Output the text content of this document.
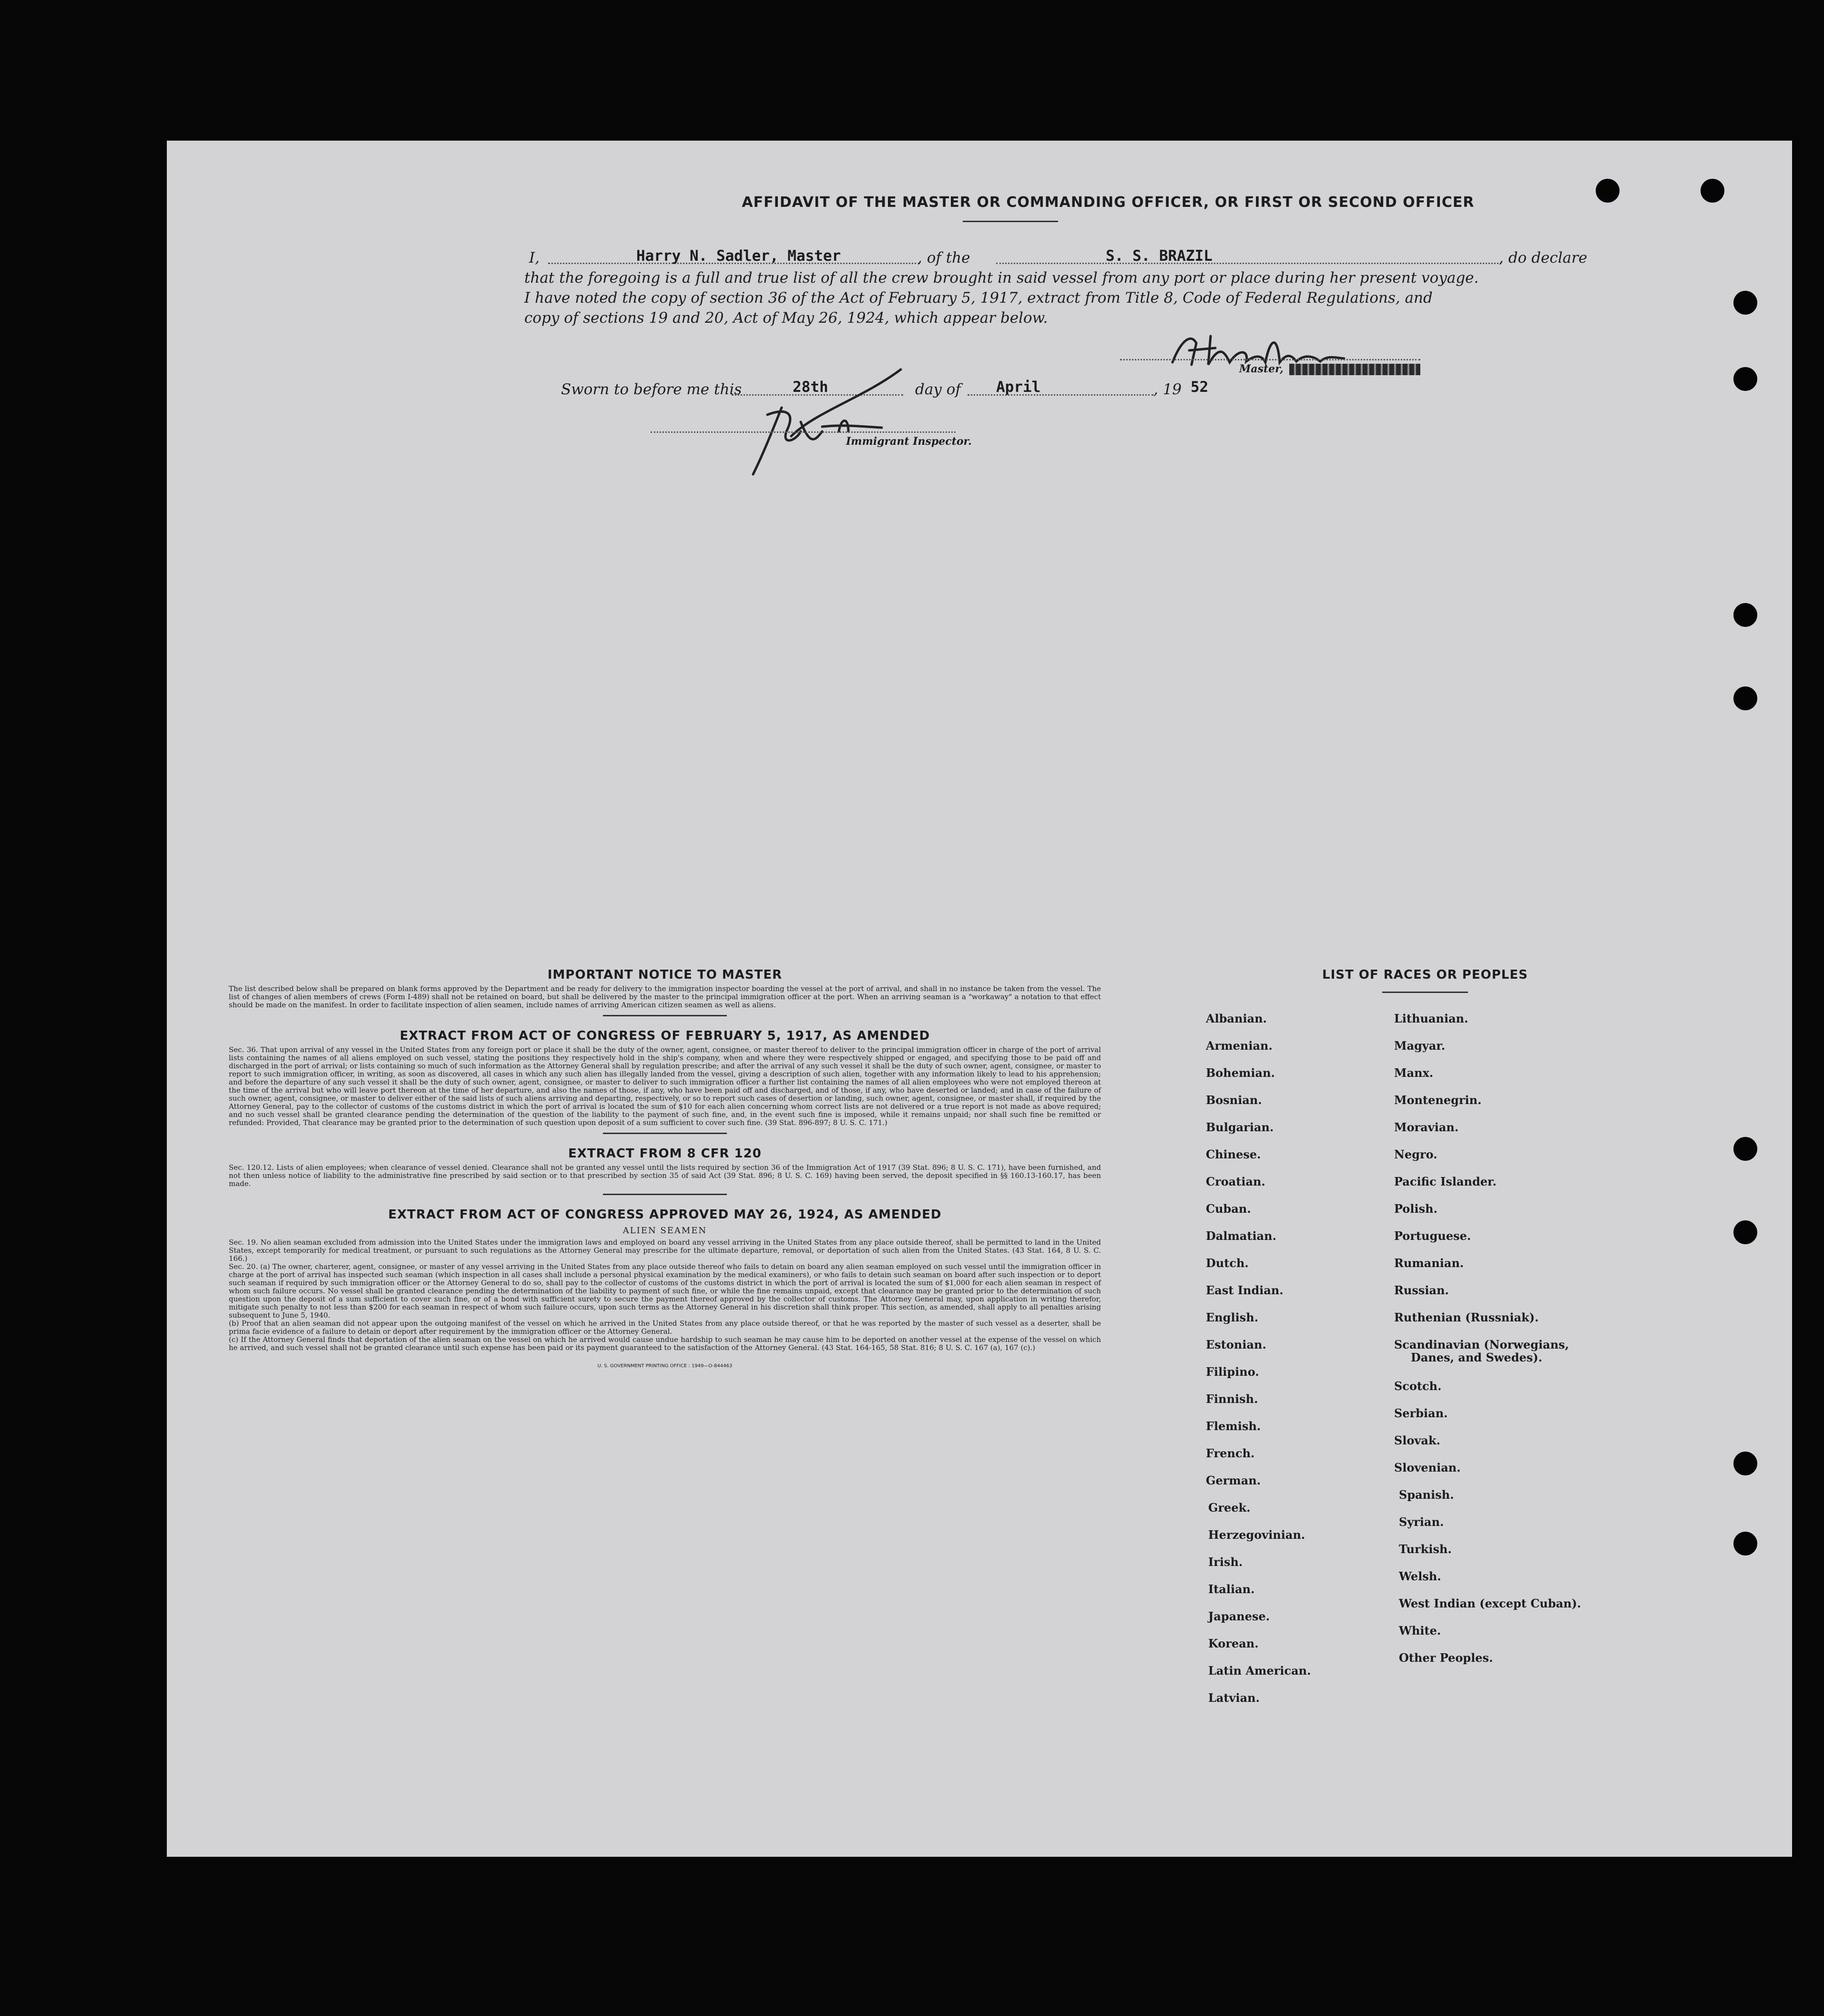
AFFIDAVIT OF THE MASTER OR COMMANDING OFFICER, OR FIRST OR SECOND OFFICER
I,	Harry N. Sadler, Master	, of the	S. S. BRAZIL	, do declare
that the foregoing is a full and true list of all the crew brought in said vessel from any port or place during her present voyage.
I have noted the copy of section 36 of the Act of February 5, 1917, extract from Title 8, Code of Federal Regulations, and
copy of sections 19 and 20, Act of May 26, 1924, which appear below.
Master,
Sworn to before me this	28th	day of April	, 19 52
Immigrant Inspector.

IMPORTANT NOTICE TO MASTER

The list described below shall be prepared on blank forms approved by the Department and be ready for delivery to the immigration inspector boarding the vessel at the port of arrival, and shall in no instance be taken from the vessel. The list of changes of alien members of crews (Form I-489) shall not be retained on board, but shall be delivered by the master to the principal immigration officer at the port. When an arriving seaman is a "workaway" a notation to that effect should be made on the manifest. In order to facilitate inspection of alien seamen, include names of arriving American citizen seamen as well as aliens.

EXTRACT FROM ACT OF CONGRESS OF FEBRUARY 5, 1917, AS AMENDED

Sec. 36. That upon arrival of any vessel in the United States from any foreign port or place it shall be the duty of the owner, agent, consignee, or master thereof to deliver to the principal immigration officer in charge of the port of arrival lists containing the names of all aliens employed on such vessel, stating the positions they respectively hold in the ship's company, when and where they were respectively shipped or engaged, and specifying those to be paid off and discharged in the port of arrival; or lists containing so much of such information as the Attorney General shall by regulation prescribe; and after the arrival of any such vessel it shall be the duty of such owner, agent, consignee, or master to report to such immigration officer, in writing, as soon as discovered, all cases in which any such alien has illegally landed from the vessel, giving a description of such alien, together with any information likely to lead to his apprehension; and before the departure of any such vessel it shall be the duty of such owner, agent, consignee, or master to deliver to such immigration officer a further list containing the names of all alien employees who were not employed thereon at the time of the arrival but who will leave port thereon at the time of her departure, and also the names of those, if any, who have been paid off and discharged, and of those, if any, who have deserted or landed; and in case of the failure of such owner, agent, consignee, or master to deliver either of the said lists of such aliens arriving and departing, respectively, or so to report such cases of desertion or landing, such owner, agent, consignee, or master shall, if required by the Attorney General, pay to the collector of customs of the customs district in which the port of arrival is located the sum of $10 for each alien concerning whom correct lists are not delivered or a true report is not made as above required; and no such vessel shall be granted clearance pending the determination of the question of the liability to the payment of such fine, and, in the event such fine is imposed, while it remains unpaid; nor shall such fine be remitted or refunded: Provided, That clearance may be granted prior to the determination of such question upon deposit of a sum sufficient to cover such fine. (39 Stat. 896-897; 8 U. S. C. 171.)

EXTRACT FROM 8 CFR 120

Sec. 120.12. Lists of alien employees; when clearance of vessel denied. Clearance shall not be granted any vessel until the lists required by section 36 of the Immigration Act of 1917 (39 Stat. 896; 8 U. S. C. 171), have been furnished, and not then unless notice of liability to the administrative fine prescribed by said section or to that prescribed by section 35 of said Act (39 Stat. 896; 8 U. S. C. 169) having been served, the deposit specified in §§ 160.13-160.17, has been made.

EXTRACT FROM ACT OF CONGRESS APPROVED MAY 26, 1924, AS AMENDED

ALIEN SEAMEN

Sec. 19. No alien seaman excluded from admission into the United States under the immigration laws and employed on board any vessel arriving in the United States from any place outside thereof, shall be permitted to land in the United States, except temporarily for medical treatment, or pursuant to such regulations as the Attorney General may prescribe for the ultimate departure, removal, or deportation of such alien from the United States. (43 Stat. 164, 8 U. S. C. 166.)

Sec. 20. (a) The owner, charterer, agent, consignee, or master of any vessel arriving in the United States from any place outside thereof who fails to detain on board any alien seaman employed on such vessel until the immigration officer in charge at the port of arrival has inspected such seaman (which inspection in all cases shall include a personal physical examination by the medical examiners), or who fails to detain such seaman on board after such inspection or to deport such seaman if required by such immigration officer or the Attorney General to do so, shall pay to the collector of customs of the customs district in which the port of arrival is located the sum of $1,000 for each alien seaman in respect of whom such failure occurs. No vessel shall be granted clearance pending the determination of the liability to payment of such fine, or while the fine remains unpaid, except that clearance may be granted prior to the determination of such question upon the deposit of a sum sufficient to cover such fine, or of a bond with sufficient surety to secure the payment thereof approved by the collector of customs. The Attorney General may, upon application in writing therefor, mitigate such penalty to not less than $200 for each seaman in respect of whom such failure occurs, upon such terms as the Attorney General in his discretion shall think proper. This section, as amended, shall apply to all penalties arising subsequent to June 5, 1940.

(b) Proof that an alien seaman did not appear upon the outgoing manifest of the vessel on which he arrived in the United States from any place outside thereof, or that he was reported by the master of such vessel as a deserter, shall be prima facie evidence of a failure to detain or deport after requirement by the immigration officer or the Attorney General.

(c) If the Attorney General finds that deportation of the alien seaman on the vessel on which he arrived would cause undue hardship to such seaman he may cause him to be deported on another vessel at the expense of the vessel on which he arrived, and such vessel shall not be granted clearance until such expense has been paid or its payment guaranteed to the satisfaction of the Attorney General. (43 Stat. 164-165, 58 Stat. 816; 8 U. S. C. 167 (a), 167 (c).)

U. S. GOVERNMENT PRINTING OFFICE : 1949—O-844463

LIST OF RACES OR PEOPLES
Albanian.
Armenian.
Bohemian.
Bosnian.
Bulgarian.
Chinese.
Croatian.
Cuban.
Dalmatian.
Dutch.
East Indian.
English.
Estonian.
Filipino.
Finnish.
Flemish.
French.
German.
Greek.
Herzegovinian.
Irish.
Italian.
Japanese.
Korean.
Latin American.
Latvian.
Lithuanian.
Magyar.
Manx.
Montenegrin.
Moravian.
Negro.
Pacific Islander.
Polish.
Portuguese.
Rumanian.
Russian.
Ruthenian (Russniak).
Scandinavian (Norwegians,
Danes, and Swedes).
Scotch.
Serbian.
Slovak.
Slovenian.
Spanish.
Syrian.
Turkish.
Welsh.
West Indian (except Cuban).
White.
Other Peoples.
